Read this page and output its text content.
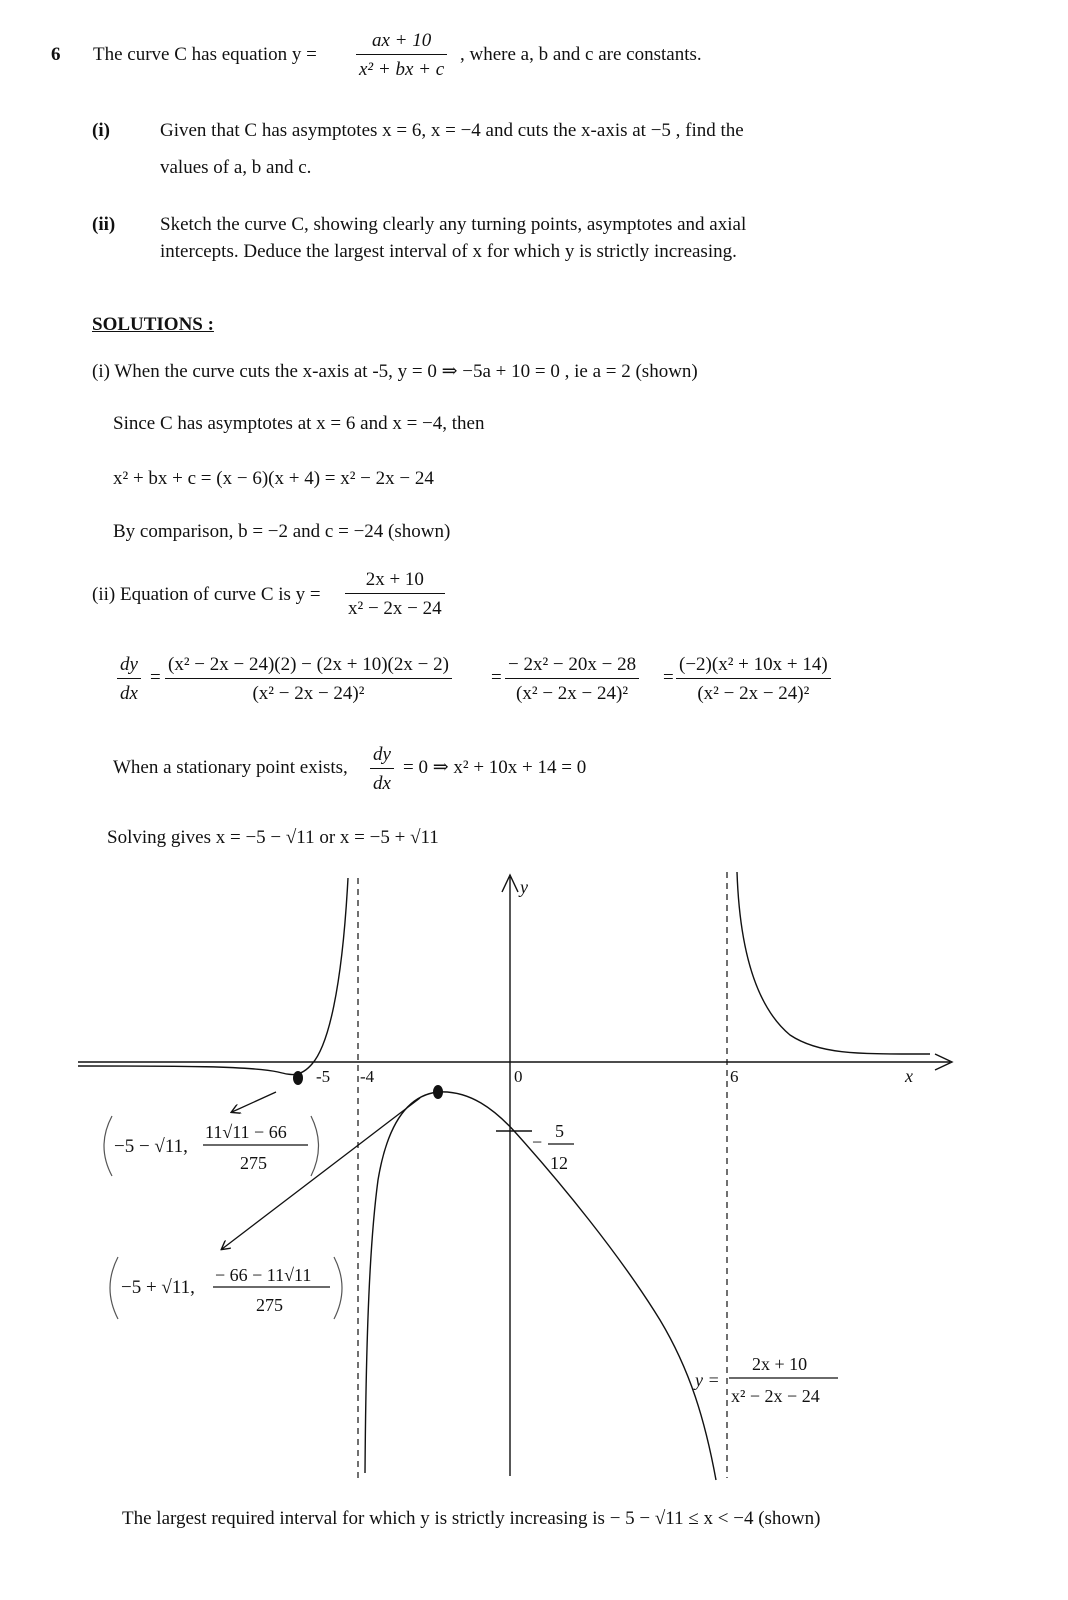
6 The curve C has equation $y = \frac{ax + 10}{\text{x² + bx + c}}$ , where a, b and c are constants.
(i)	Given that C has asymptotes x = 6, x = −4 and cuts the x-axis at −5 , find the
values of a, b and c.
(ii) Sketch the curve C, showing clearly any turning points, asymptotes and axial
intercepts. Deduce the largest interval of x for which y is strictly increasing.
SOLUTIONS :
(i) When the curve cuts the x-axis at -5, y = 0 ⇒ −5a + 10 = 0 , ie a = 2 (shown)
Since C has asymptotes at x = 6 and x = −4, then
x² + bx + c = (x − 6)(x + 4) = x² − 2x − 24
By comparison, b = −2 and c = −24 (shown)
(ii) Equation of curve C is $y = \frac{2x + 10}{\text{x² − 2x − 24}}$
$\frac{dy}{dx} = \frac{\text{(x² − 2x − 24)(2) − (2x + 10)(2x − 2)}}{\text{(x² − 2x − 24)²}} = \frac{\text{− 2x² − 20x − 28}}{\text{(x² − 2x − 24)²}} = \frac{\text{(−2)(x² + 10x + 14)}}{\text{(x² − 2x − 24)²}}$
When a stationary point exists, $\frac{dy}{dx} = 0$ ⇒ x² + 10x + 14 = 0
Solving gives x = −5 − √11 or x = −5 + √11
y
x
-5 -4	0	6
−
5
12
−5 − √11,
11√11 − 66
275
−5 + √11,
− 66 − 11√11
275
y =
2x + 10
x² − 2x − 24
The largest required interval for which y is strictly increasing is − 5 − √11 ≤ x < −4 (shown)
